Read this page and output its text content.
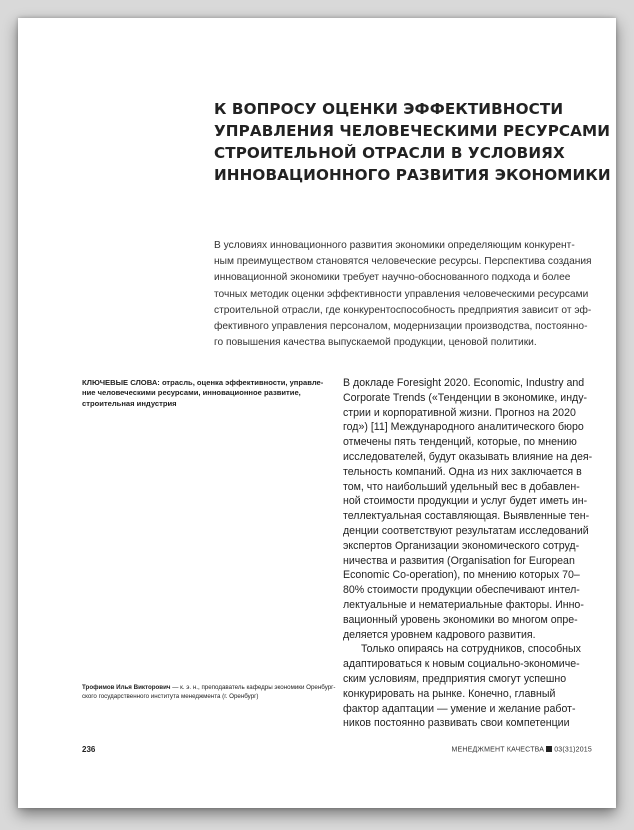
К ВОПРОСУ ОЦЕНКИ ЭФФЕКТИВНОСТИ
УПРАВЛЕНИЯ ЧЕЛОВЕЧЕСКИМИ РЕСУРСАМИ
СТРОИТЕЛЬНОЙ ОТРАСЛИ В УСЛОВИЯХ
ИННОВАЦИОННОГО РАЗВИТИЯ ЭКОНОМИКИ
В условиях инновационного развития экономики определяющим конкурент-
ным преимуществом становятся человеческие ресурсы. Перспектива создания
инновационной экономики требует научно-обоснованного подхода и более
точных методик оценки эффективности управления человеческими ресурсами
строительной отрасли, где конкурентоспособность предприятия зависит от эф-
фективного управления персоналом, модернизации производства, постоянно-
го повышения качества выпускаемой продукции, ценовой политики.
КЛЮЧЕВЫЕ СЛОВА: отрасль, оценка эффективности, управле-
ние человеческими ресурсами, инновационное развитие,
строительная индустрия
В докладе Foresight 2020. Economic, Industry and
Corporate Trends («Тенденции в экономике, инду-
стрии и корпоративной жизни. Прогноз на 2020
год») [11] Международного аналитического бюро
отмечены пять тенденций, которые, по мнению
исследователей, будут оказывать влияние на дея-
тельность компаний. Одна из них заключается в
том, что наибольший удельный вес в добавлен-
ной стоимости продукции и услуг будет иметь ин-
теллектуальная составляющая. Выявленные тен-
денции соответствуют результатам исследований
экспертов Организации экономического сотруд-
ничества и развития (Organisation for European
Economic Co-operation), по мнению которых 70–
80% стоимости продукции обеспечивают интел-
лектуальные и нематериальные факторы. Инно-
вационный уровень экономики во многом опре-
деляется уровнем кадрового развития.
Только опираясь на сотрудников, способных
адаптироваться к новым социально-экономиче-
ским условиям, предприятия смогут успешно
конкурировать на рынке. Конечно, главный
фактор адаптации — умение и желание работ-
ников постоянно развивать свои компетенции
Трофимов Илья Викторович — к. э. н., преподаватель кафедры экономики Оренбург-
ского государственного института менеджмента (г. Оренбург)
236	МЕНЕДЖМЕНТ КАЧЕСТВА 03(31)2015
